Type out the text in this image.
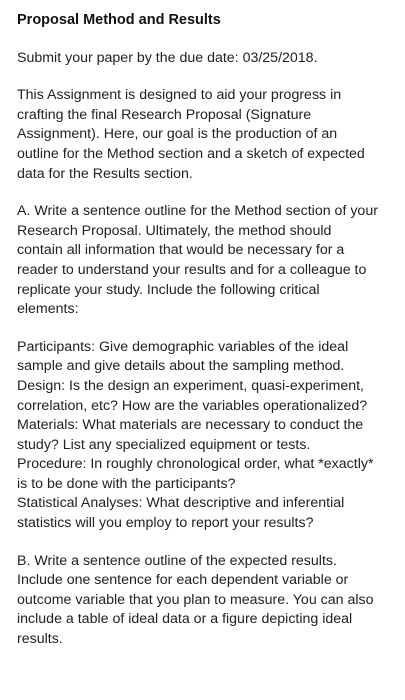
Proposal Method and Results

Submit your paper by the due date: 03/25/2018.

This Assignment is designed to aid your progress in crafting the final Research Proposal (Signature Assignment). Here, our goal is the production of an outline for the Method section and a sketch of expected data for the Results section.

A. Write a sentence outline for the Method section of your Research Proposal. Ultimately, the method should contain all information that would be necessary for a reader to understand your results and for a colleague to replicate your study. Include the following critical elements:

Participants: Give demographic variables of the ideal sample and give details about the sampling method.

Design: Is the design an experiment, quasi-experiment, correlation, etc? How are the variables operationalized?

Materials: What materials are necessary to conduct the study? List any specialized equipment or tests.

Procedure: In roughly chronological order, what *exactly* is to be done with the participants?

Statistical Analyses: What descriptive and inferential statistics will you employ to report your results?

B. Write a sentence outline of the expected results. Include one sentence for each dependent variable or outcome variable that you plan to measure. You can also include a table of ideal data or a figure depicting ideal results.
